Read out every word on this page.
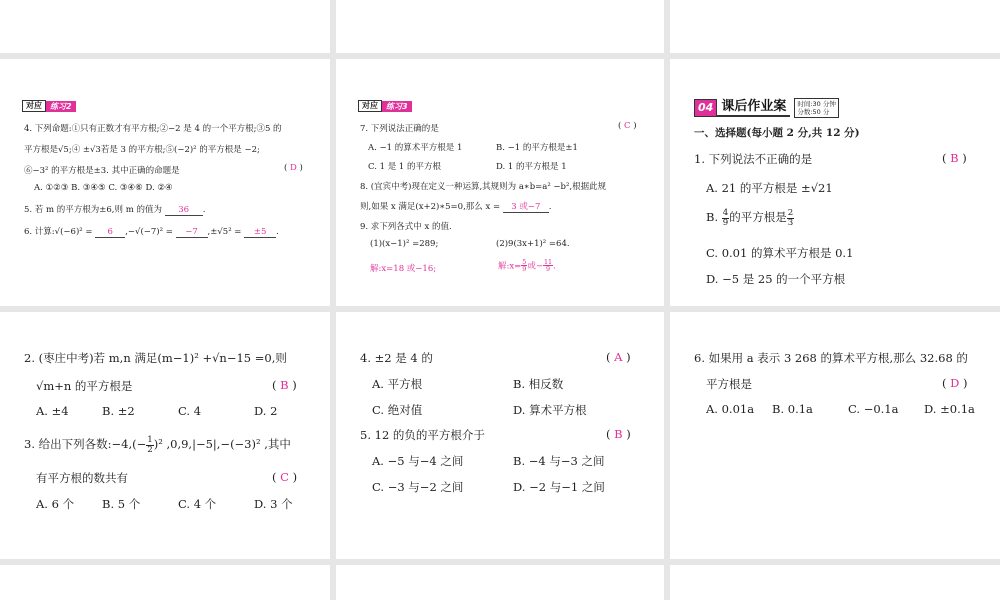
对应	练习2
4. 下列命题:①只有正数才有平方根;②−2 是 4 的一个平方根;③5 的
平方根是√5;④ ±√3若是 3 的平方根;⑤(−2)² 的平方根是 −2;
⑥−3² 的平方根是±3. 其中正确的命题是	( D )
A. ①②③ B. ③④⑤ C. ③④⑥ D. ②④
5. 若 m 的平方根为±6,则 m 的值为 36 .
6. 计算:√(−6)² = 6 ,−√(−7)² = −7 ,±√5² = ±5 .
对应	练习3
7. 下列说法正确的是	( C )
A. −1 的算术平方根是 1	B. −1 的平方根是±1
C. 1 是 1 的平方根	D. 1 的平方根是 1
8. (宜宾中考)现在定义一种运算,其规则为 a∗b=a² −b²,根据此规
则,如果 x 满足(x+2)∗5=0,那么 x = 3 或−7 .
9. 求下列各式中 x 的值.
(1)(x−1)² =289;	(2)9(3x+1)² =64.
解:x=18 或−16;	解:x= $\frac{5}{9}$ 或− $\frac{11}{9}$ .
04 课后作业案	时间:30 分钟
分数:50 分
一、选择题(每小题 2 分,共 12 分)
1. 下列说法不正确的是	( B )
A. 21 的平方根是 ±√21
B. $\frac{4}{9}$ 的平方根是 $\frac{2}{3}$
C. 0.01 的算术平方根是 0.1
D. −5 是 25 的一个平方根
2. (枣庄中考)若 m,n 满足(m−1)² +√n−15 =0,则
√m+n 的平方根是	( B )
A. ±4	B. ±2	C. 4	D. 2
3. 给出下列各数:−4,(− $\frac{1}{2} )^2$ ,0,9,|−5|,−(−3)² ,其中
有平方根的数共有	( C )
A. 6 个 B. 5 个	C. 4 个	D. 3 个
4. ±2 是 4 的	( A )
A. 平方根	B. 相反数
C. 绝对值	D. 算术平方根
5. 12 的负的平方根介于	( B )
A. −5 与−4 之间	B. −4 与−3 之间
C. −3 与−2 之间	D. −2 与−1 之间
6. 如果用 a 表示 3 268 的算术平方根,那么 32.68 的
平方根是	( D )
A. 0.01a B. 0.1a	C. −0.1a D. ±0.1a
